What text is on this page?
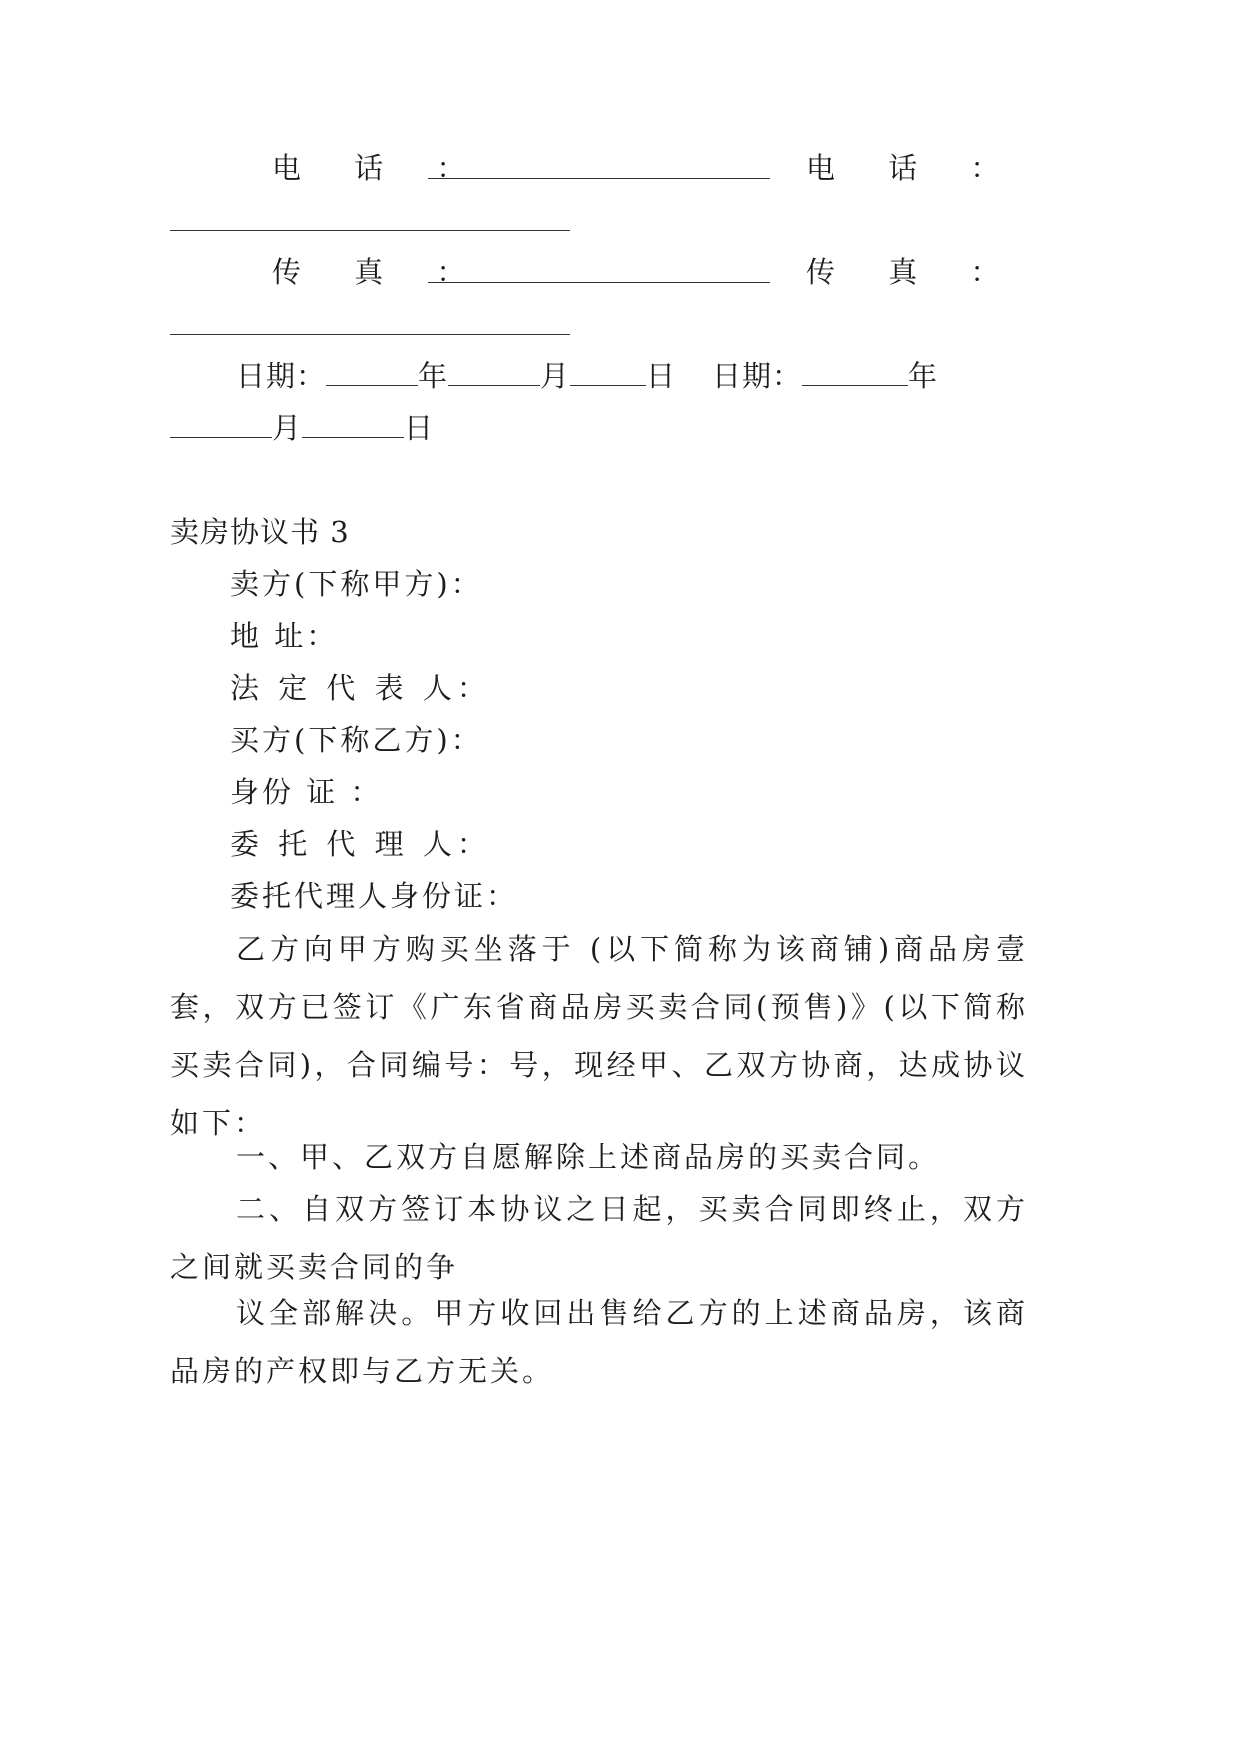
电 话 ：	电 话 ：
传 真 ：	传 真 ：
日期：	年	月	日 日期：	年
月	日
卖房协议书 3
卖方(下称甲方)：
地 址：
法 定 代 表 人：
买方(下称乙方)：
身份 证 ：
委 托 代 理 人：
委托代理人身份证：
乙方向甲方购买坐落于 (以下简称为该商铺)商品房壹套，双方已签订《广东省商品房买卖合同(预售)》(以下简称买卖合同)，合同编号：号，现经甲、乙双方协商，达成协议如下：
一、甲、乙双方自愿解除上述商品房的买卖合同。
二、自双方签订本协议之日起，买卖合同即终止，双方之间就买卖合同的争
议全部解决。甲方收回出售给乙方的上述商品房，该商品房的产权即与乙方无关。
